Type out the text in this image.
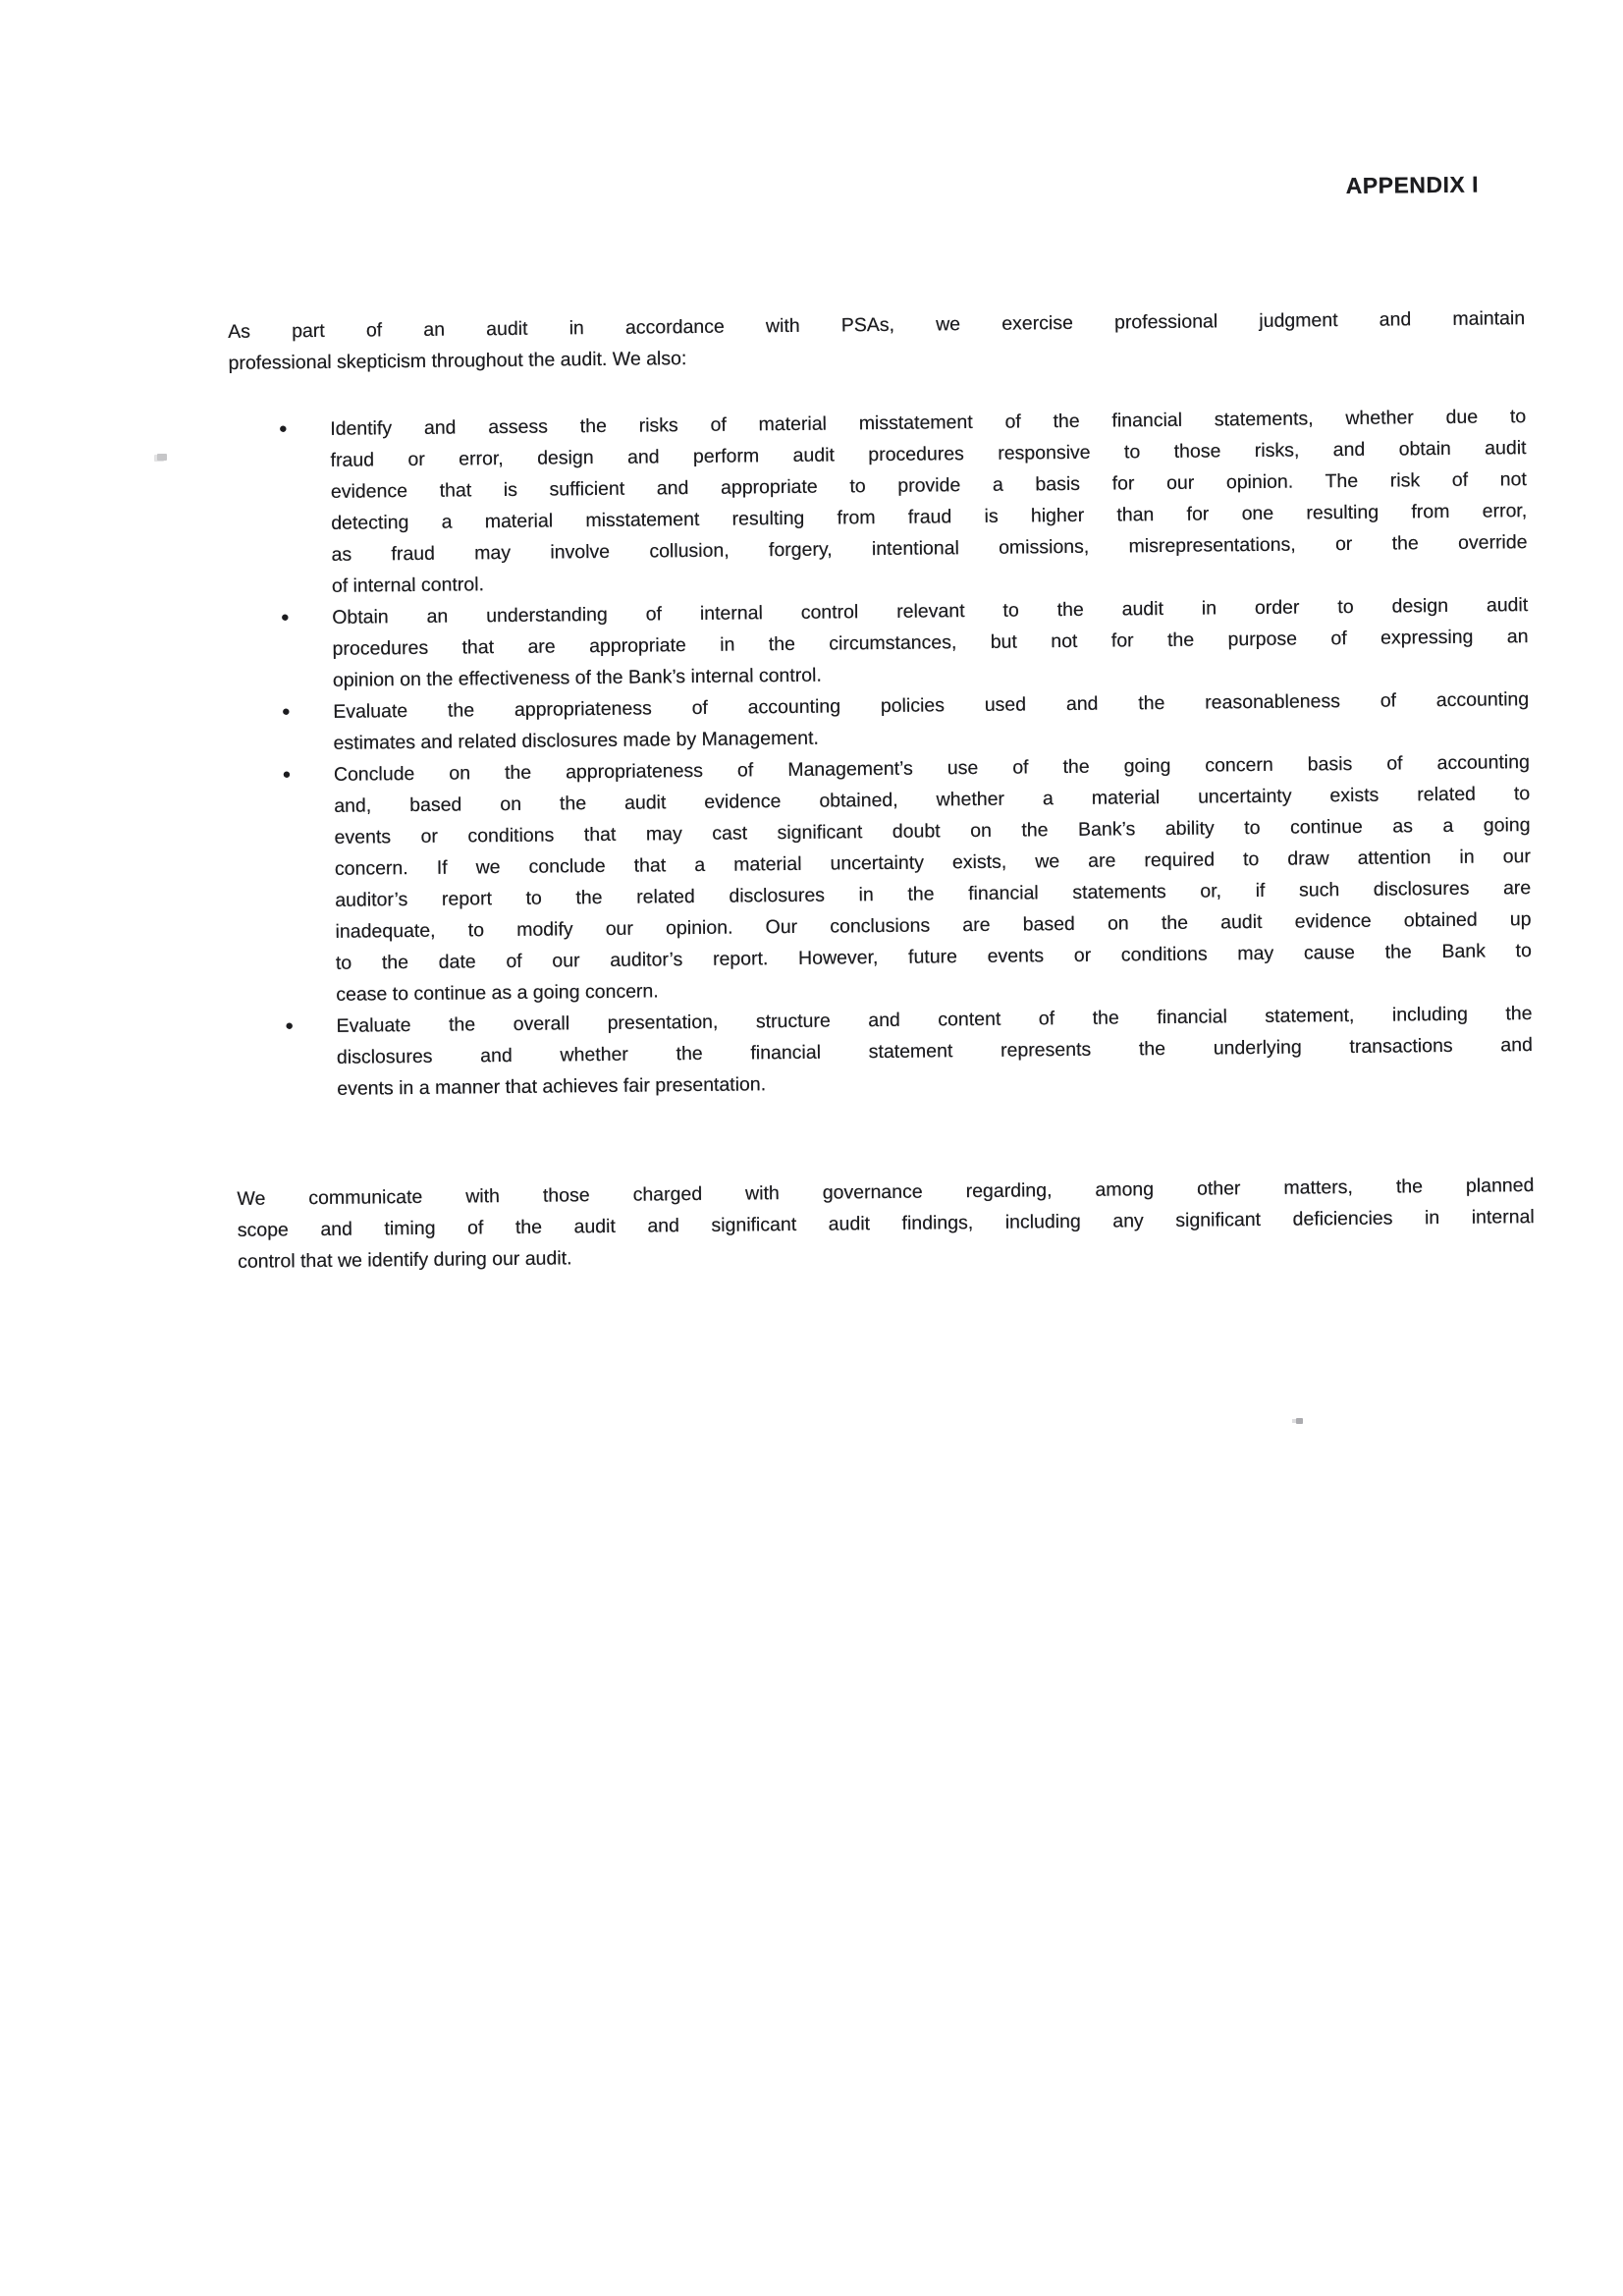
APPENDIX I
As part of an audit in accordance with PSAs, we exercise professional judgment and maintain
professional skepticism throughout the audit. We also:
• Identify and assess the risks of material misstatement of the financial statements, whether due to
fraud or error, design and perform audit procedures responsive to those risks, and obtain audit
evidence that is sufficient and appropriate to provide a basis for our opinion. The risk of not
detecting a material misstatement resulting from fraud is higher than for one resulting from error,
as fraud may involve collusion, forgery, intentional omissions, misrepresentations, or the override
of internal control.
• Obtain an understanding of internal control relevant to the audit in order to design audit
procedures that are appropriate in the circumstances, but not for the purpose of expressing an
opinion on the effectiveness of the Bank’s internal control.
• Evaluate the appropriateness of accounting policies used and the reasonableness of accounting
estimates and related disclosures made by Management.
• Conclude on the appropriateness of Management’s use of the going concern basis of accounting
and, based on the audit evidence obtained, whether a material uncertainty exists related to
events or conditions that may cast significant doubt on the Bank’s ability to continue as a going
concern. If we conclude that a material uncertainty exists, we are required to draw attention in our
auditor’s report to the related disclosures in the financial statements or, if such disclosures are
inadequate, to modify our opinion. Our conclusions are based on the audit evidence obtained up
to the date of our auditor’s report. However, future events or conditions may cause the Bank to
cease to continue as a going concern.
• Evaluate the overall presentation, structure and content of the financial statement, including the
disclosures and whether the financial statement represents the underlying transactions and
events in a manner that achieves fair presentation.
We communicate with those charged with governance regarding, among other matters, the planned
scope and timing of the audit and significant audit findings, including any significant deficiencies in internal
control that we identify during our audit.
